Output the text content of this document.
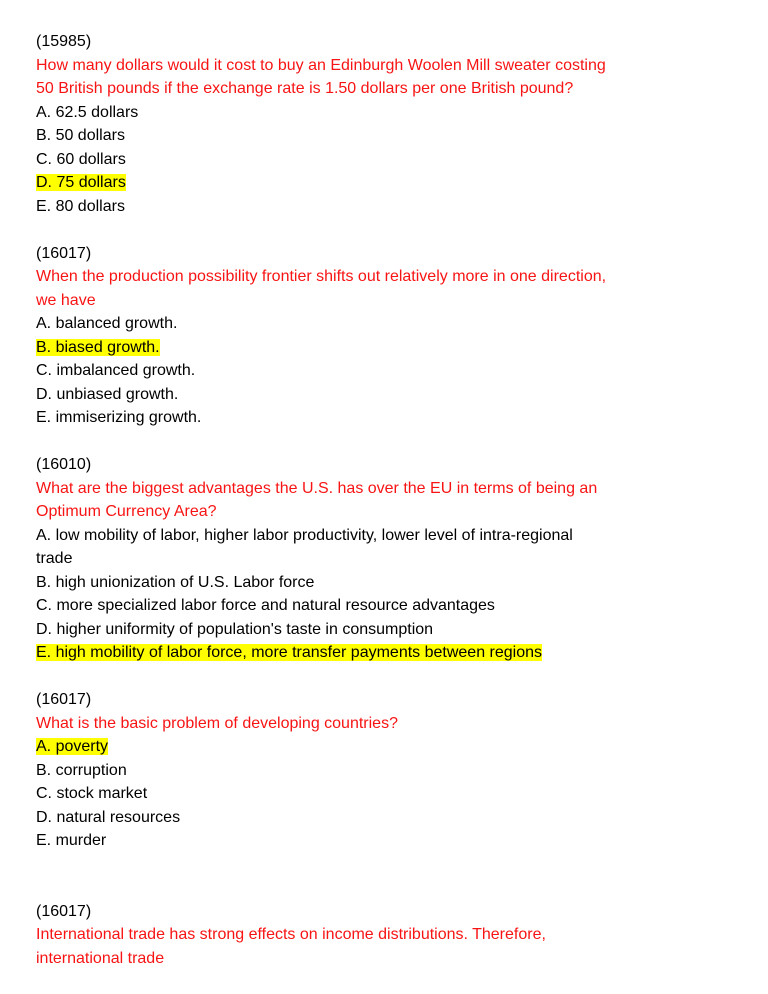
(15985)
How many dollars would it cost to buy an Edinburgh Woolen Mill sweater costing
50 British pounds if the exchange rate is 1.50 dollars per one British pound?
A. 62.5 dollars
B. 50 dollars
C. 60 dollars
D. 75 dollars
E. 80 dollars
(16017)
When the production possibility frontier shifts out relatively more in one direction,
we have
A. balanced growth.
B. biased growth.
C. imbalanced growth.
D. unbiased growth.
E. immiserizing growth.
(16010)
What are the biggest advantages the U.S. has over the EU in terms of being an
Optimum Currency Area?
A. low mobility of labor, higher labor productivity, lower level of intra-regional
trade
B. high unionization of U.S. Labor force
C. more specialized labor force and natural resource advantages
D. higher uniformity of population's taste in consumption
E. high mobility of labor force, more transfer payments between regions
(16017)
What is the basic problem of developing countries?
A. poverty
B. corruption
C. stock market
D. natural resources
E. murder
(16017)
International trade has strong effects on income distributions. Therefore,
international trade
